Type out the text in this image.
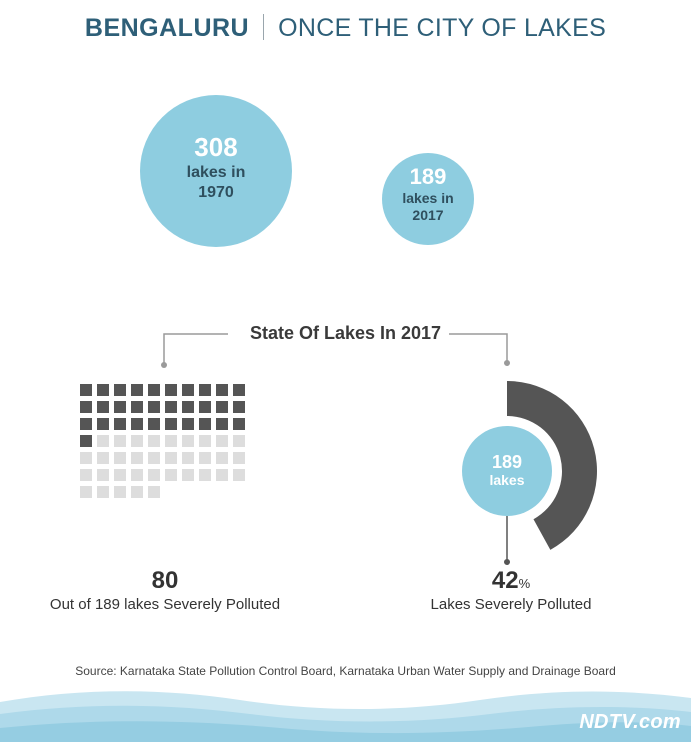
BENGALURU ONCE THE CITY OF LAKES
308
lakes in 1970
189
lakes in 2017
State Of Lakes In 2017
189
lakes
80
Out of 189 lakes Severely Polluted
42%
Lakes Severely Polluted
Source: Karnataka State Pollution Control Board, Karnataka Urban Water Supply and Drainage Board
NDTV.com
